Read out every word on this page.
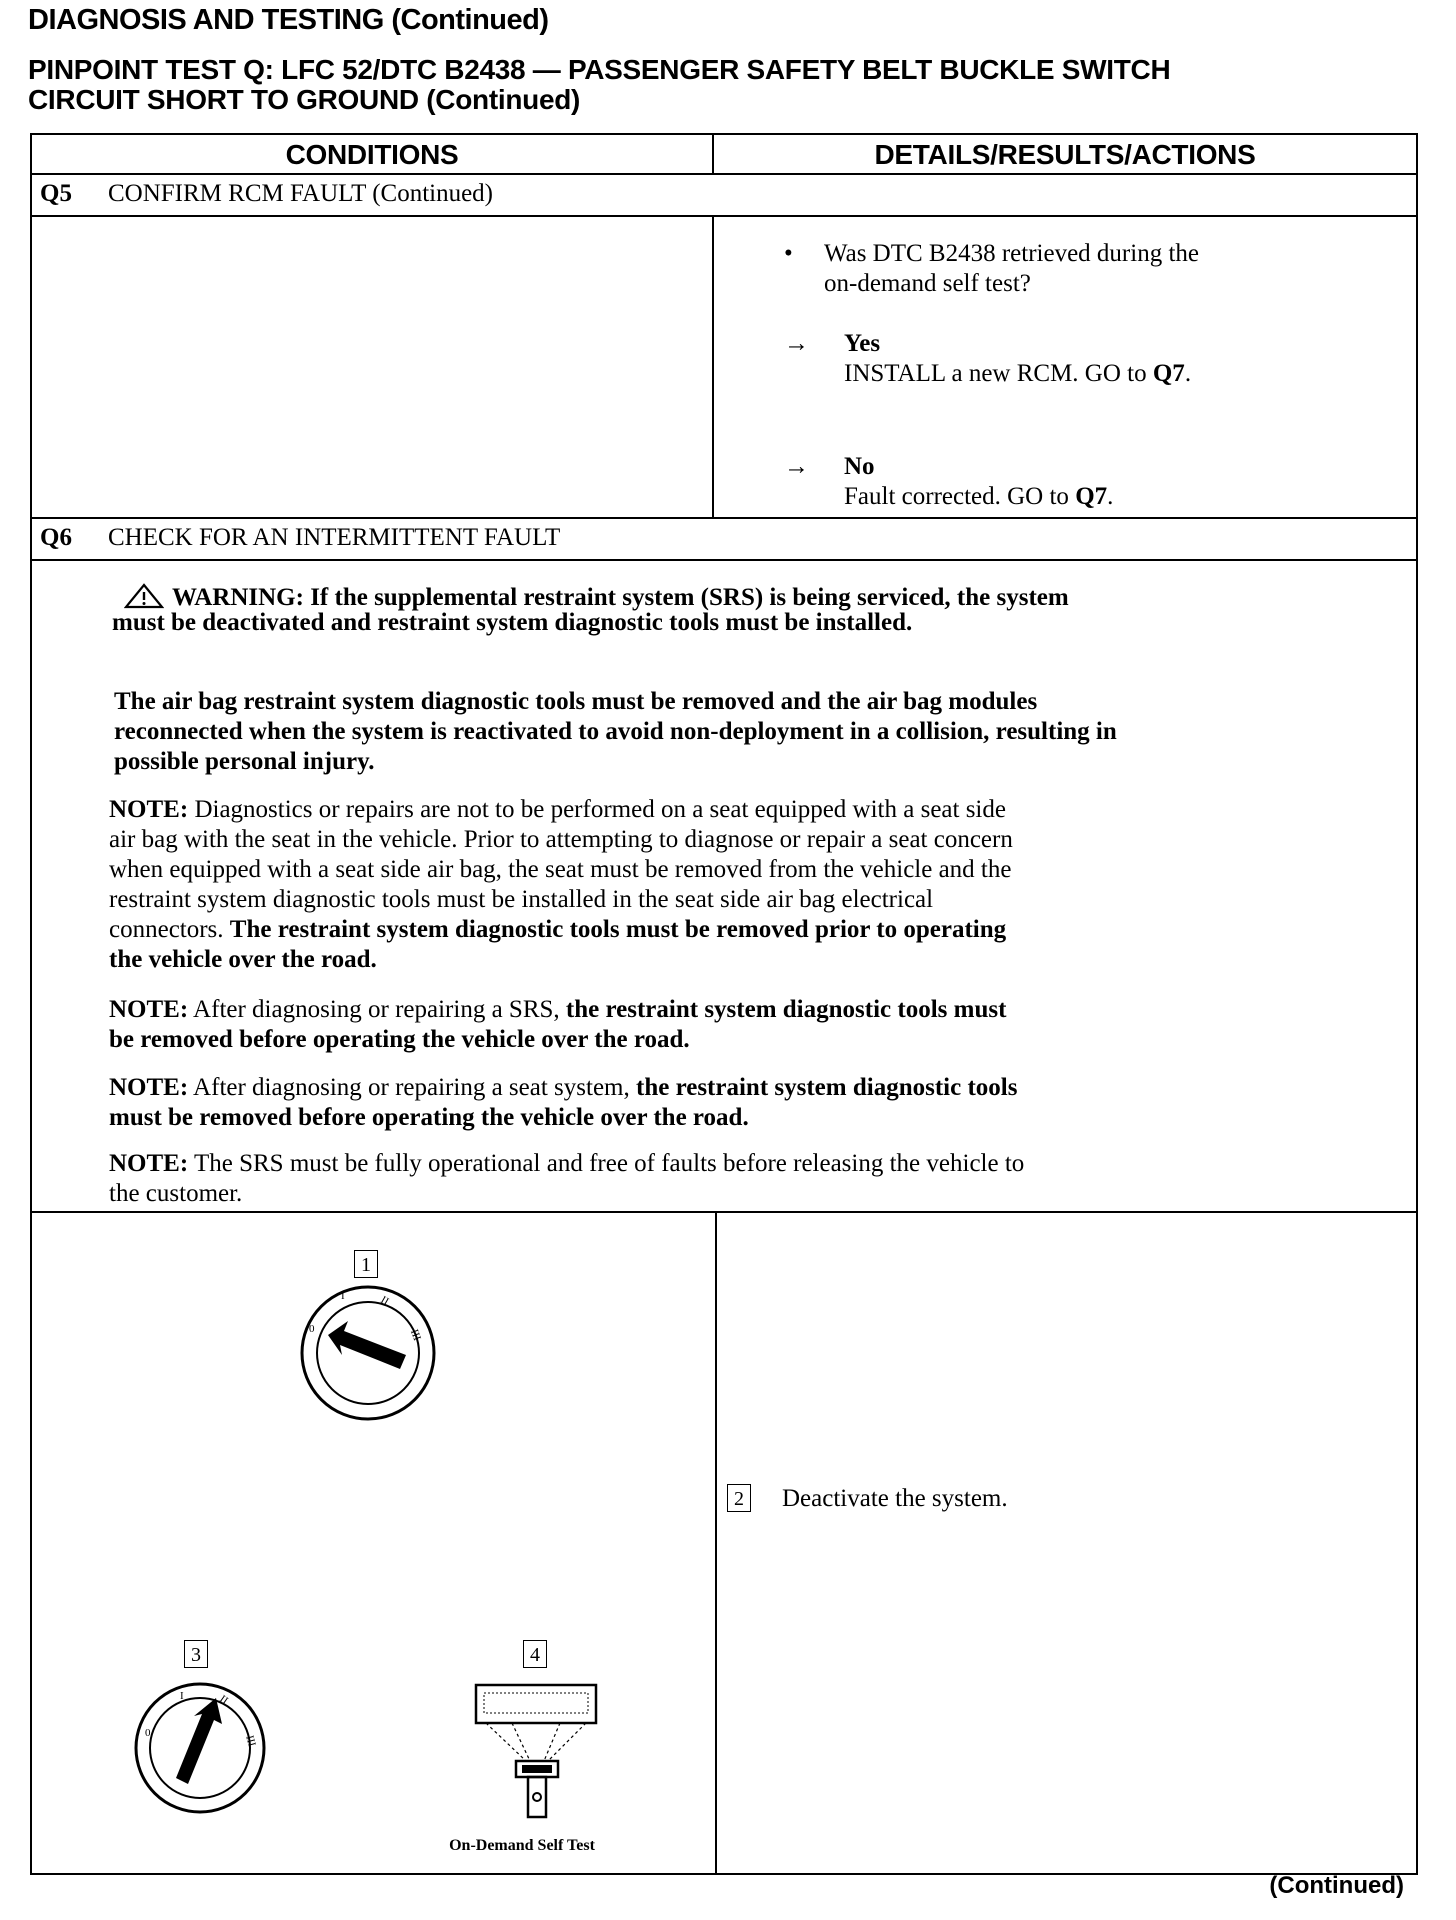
DIAGNOSIS AND TESTING (Continued)
PINPOINT TEST Q: LFC 52/DTC B2438 — PASSENGER SAFETY BELT BUCKLE SWITCH
CIRCUIT SHORT TO GROUND (Continued)
CONDITIONS	DETAILS/RESULTS/ACTIONS
Q5 CONFIRM RCM FAULT (Continued)
• Was DTC B2438 retrieved during the
on-demand self test?
→ Yes
INSTALL a new RCM. GO to Q7.
→ No
Fault corrected. GO to Q7.
Q6 CHECK FOR AN INTERMITTENT FAULT
WARNING: If the supplemental restraint system (SRS) is being serviced, the system
must be deactivated and restraint system diagnostic tools must be installed.
The air bag restraint system diagnostic tools must be removed and the air bag modules
reconnected when the system is reactivated to avoid non-deployment in a collision, resulting in
possible personal injury.
NOTE: Diagnostics or repairs are not to be performed on a seat equipped with a seat side
air bag with the seat in the vehicle. Prior to attempting to diagnose or repair a seat concern
when equipped with a seat side air bag, the seat must be removed from the vehicle and the
restraint system diagnostic tools must be installed in the seat side air bag electrical
connectors. The restraint system diagnostic tools must be removed prior to operating
the vehicle over the road.
NOTE: After diagnosing or repairing a SRS, the restraint system diagnostic tools must
be removed before operating the vehicle over the road.
NOTE: After diagnosing or repairing a seat system, the restraint system diagnostic tools
must be removed before operating the vehicle over the road.
NOTE: The SRS must be fully operational and free of faults before releasing the vehicle to
the customer.
1
0
I	II
III
3
0
I	II
III
4
On-Demand Self Test
2 Deactivate the system.
(Continued)
